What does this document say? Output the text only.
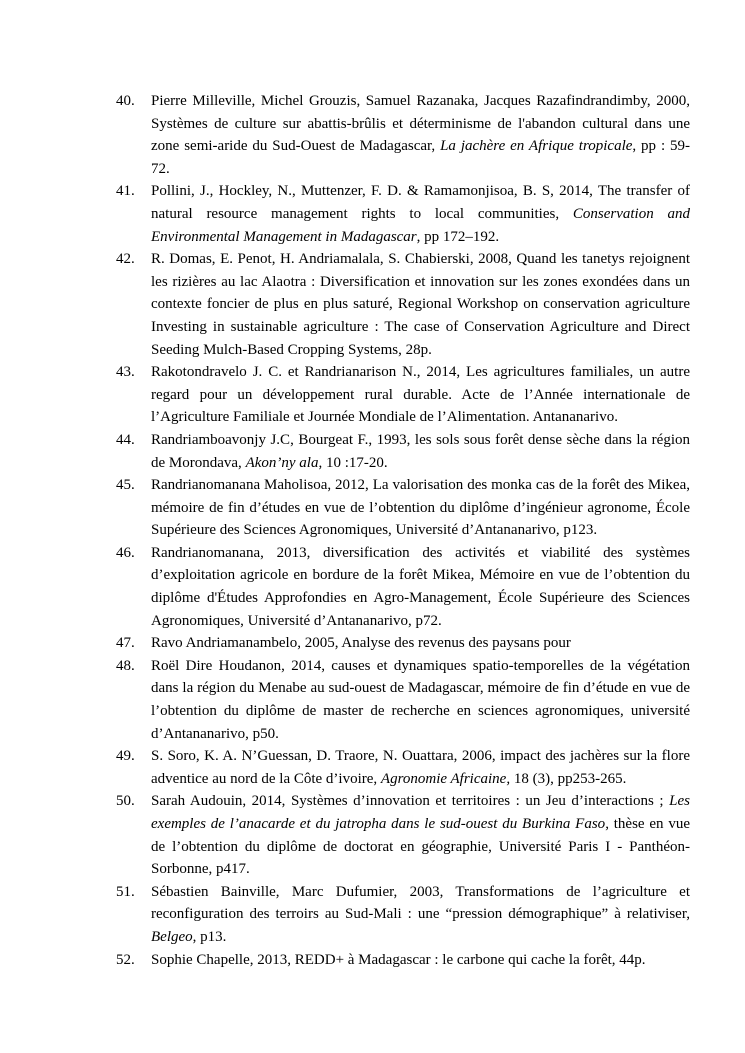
40.	Pierre Milleville, Michel Grouzis, Samuel Razanaka, Jacques Razafindrandimby, 2000, Systèmes de culture sur abattis-brûlis et déterminisme de l'abandon cultural dans une zone semi-aride du Sud-Ouest de Madagascar, La jachère en Afrique tropicale, pp : 59-72.
41.	Pollini, J., Hockley, N., Muttenzer, F. D. & Ramamonjisoa, B. S, 2014, The transfer of natural resource management rights to local communities, Conservation and Environmental Management in Madagascar, pp 172–192.
42.	R. Domas, E. Penot, H. Andriamalala, S. Chabierski, 2008, Quand les tanetys rejoignent les rizières au lac Alaotra : Diversification et innovation sur les zones exondées dans un contexte foncier de plus en plus saturé, Regional Workshop on conservation agriculture Investing in sustainable agriculture : The case of Conservation Agriculture and Direct Seeding Mulch-Based Cropping Systems, 28p.
43.	Rakotondravelo J. C. et Randrianarison N., 2014, Les agricultures familiales, un autre regard pour un développement rural durable. Acte de l’Année internationale de l’Agriculture Familiale et Journée Mondiale de l’Alimentation. Antananarivo.
44.	Randriamboavonjy J.C, Bourgeat F., 1993, les sols sous forêt dense sèche dans la région de Morondava, Akon’ny ala, 10 :17-20.
45.	Randrianomanana Maholisoa, 2012, La valorisation des monka cas de la forêt des Mikea, mémoire de fin d’études en vue de l’obtention du diplôme d’ingénieur agronome, École Supérieure des Sciences Agronomiques, Université d’Antananarivo, p123.
46.	Randrianomanana, 2013, diversification des activités et viabilité des systèmes d’exploitation agricole en bordure de la forêt Mikea, Mémoire en vue de l’obtention du diplôme d'Études Approfondies en Agro-Management, École Supérieure des Sciences Agronomiques, Université d’Antananarivo, p72.
47.	Ravo Andriamanambelo, 2005, Analyse des revenus des paysans pour
48.	Roël Dire Houdanon, 2014, causes et dynamiques spatio-temporelles de la végétation dans la région du Menabe au sud-ouest de Madagascar, mémoire de fin d’étude en vue de l’obtention du diplôme de master de recherche en sciences agronomiques, université d’Antananarivo, p50.
49.	S. Soro, K. A. N’Guessan, D. Traore, N. Ouattara, 2006, impact des jachères sur la flore adventice au nord de la Côte d’ivoire, Agronomie Africaine, 18 (3), pp253-265.
50.	Sarah Audouin, 2014, Systèmes d’innovation et territoires : un Jeu d’interactions ; Les exemples de l’anacarde et du jatropha dans le sud-ouest du Burkina Faso, thèse en vue de l’obtention du diplôme de doctorat en géographie, Université Paris I - Panthéon-Sorbonne, p417.
51.	Sébastien Bainville, Marc Dufumier, 2003, Transformations de l’agriculture et reconfiguration des terroirs au Sud-Mali : une “pression démographique” à relativiser, Belgeo, p13.
52.	Sophie Chapelle, 2013, REDD+ à Madagascar : le carbone qui cache la forêt, 44p.
